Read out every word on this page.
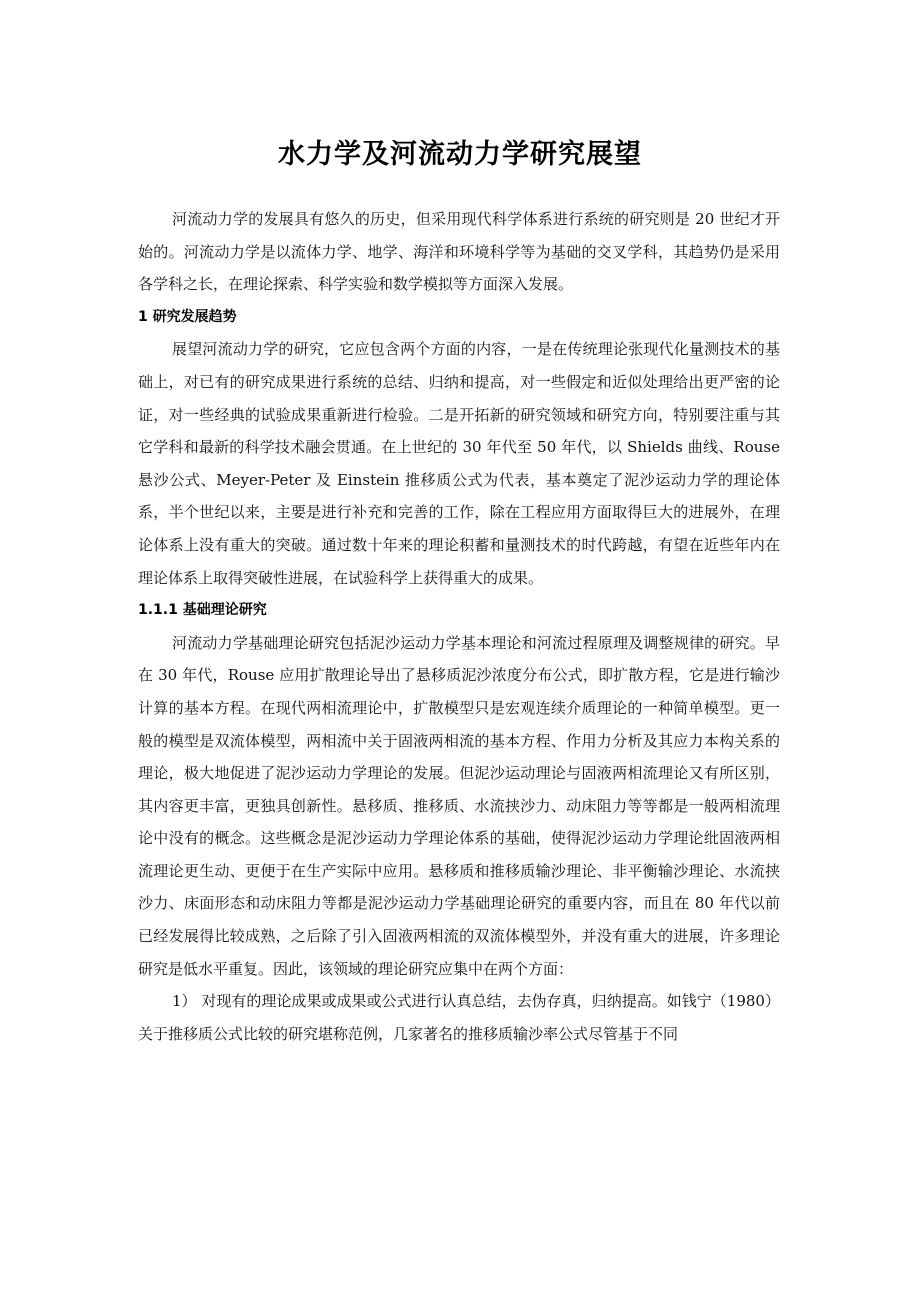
水力学及河流动力学研究展望

河流动力学的发展具有悠久的历史，但采用现代科学体系进行系统的研究则是 20 世纪才开始的。河流动力学是以流体力学、地学、海洋和环境科学等为基础的交叉学科，其趋势仍是采用各学科之长，在理论探索、科学实验和数学模拟等方面深入发展。

1 研究发展趋势

展望河流动力学的研究，它应包含两个方面的内容，一是在传统理论张现代化量测技术的基础上，对已有的研究成果进行系统的总结、归纳和提高，对一些假定和近似处理给出更严密的论证，对一些经典的试验成果重新进行检验。二是开拓新的研究领域和研究方向，特别要注重与其它学科和最新的科学技术融会贯通。在上世纪的 30 年代至 50 年代，以 Shields 曲线、Rouse 悬沙公式、Meyer-Peter 及 Einstein 推移质公式为代表，基本奠定了泥沙运动力学的理论体系，半个世纪以来，主要是进行补充和完善的工作，除在工程应用方面取得巨大的进展外，在理论体系上没有重大的突破。通过数十年来的理论积蓄和量测技术的时代跨越，有望在近些年内在理论体系上取得突破性进展，在试验科学上获得重大的成果。

1.1.1 基础理论研究

河流动力学基础理论研究包括泥沙运动力学基本理论和河流过程原理及调整规律的研究。早在 30 年代，Rouse 应用扩散理论导出了悬移质泥沙浓度分布公式，即扩散方程，它是进行输沙计算的基本方程。在现代两相流理论中，扩散模型只是宏观连续介质理论的一种简单模型。更一般的模型是双流体模型，两相流中关于固液两相流的基本方程、作用力分析及其应力本构关系的理论，极大地促进了泥沙运动力学理论的发展。但泥沙运动理论与固液两相流理论又有所区别，其内容更丰富，更独具创新性。悬移质、推移质、水流挟沙力、动床阻力等等都是一般两相流理论中没有的概念。这些概念是泥沙运动力学理论体系的基础，使得泥沙运动力学理论纰固液两相流理论更生动、更便于在生产实际中应用。悬移质和推移质输沙理论、非平衡输沙理论、水流挟沙力、床面形态和动床阻力等都是泥沙运动力学基础理论研究的重要内容，而且在 80 年代以前已经发展得比较成熟，之后除了引入固液两相流的双流体模型外，并没有重大的进展，许多理论研究是低水平重复。因此，该领域的理论研究应集中在两个方面：

1） 对现有的理论成果或成果或公式进行认真总结，去伪存真，归纳提高。如钱宁（1980）关于推移质公式比较的研究堪称范例，几家著名的推移质输沙率公式尽管基于不同
